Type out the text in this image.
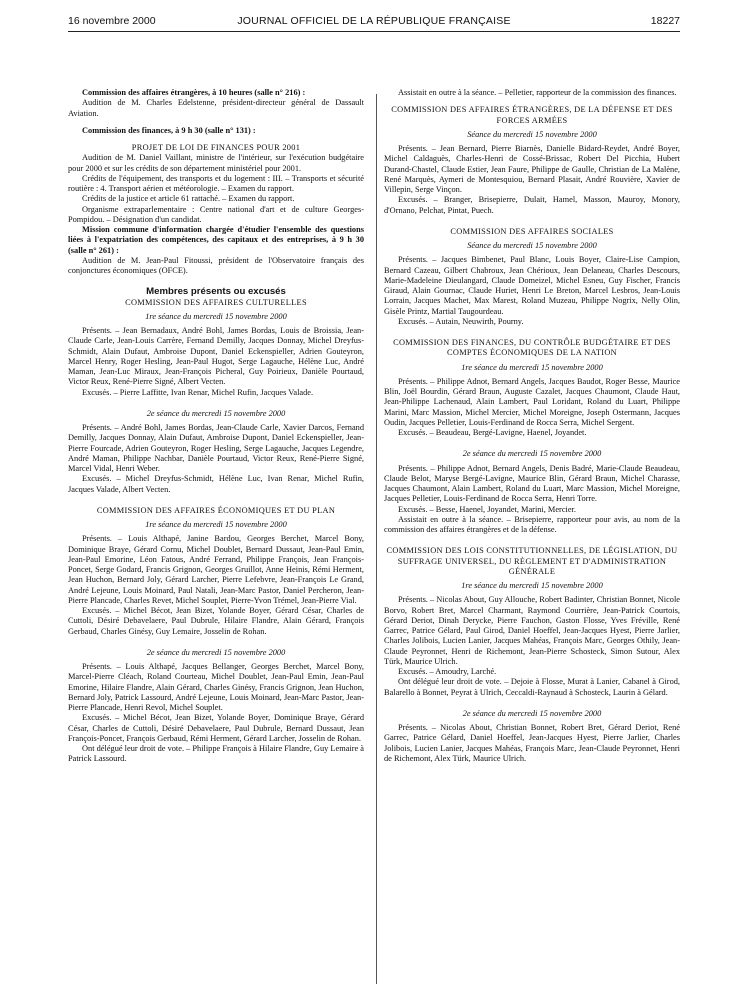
16 novembre 2000	JOURNAL OFFICIEL DE LA RÉPUBLIQUE FRANÇAISE	18227

Commission des affaires étrangères, à 10 heures (salle n° 216) :

Audition de M. Charles Edelstenne, président-directeur général de Dassault Aviation.

Commission des finances, à 9 h 30 (salle n° 131) :

PROJET DE LOI DE FINANCES POUR 2001

Audition de M. Daniel Vaillant, ministre de l'intérieur, sur l'exécution budgétaire pour 2000 et sur les crédits de son département ministériel pour 2001.

Crédits de l'équipement, des transports et du logement : III. – Transports et sécurité routière : 4. Transport aérien et météorologie. – Examen du rapport.

Crédits de la justice et article 61 rattaché. – Examen du rapport.

Organisme extraparlementaire : Centre national d'art et de culture Georges-Pompidou. – Désignation d'un candidat.

Mission commune d'information chargée d'étudier l'ensemble des questions liées à l'expatriation des compétences, des capitaux et des entreprises, à 9 h 30 (salle n° 261) :

Audition de M. Jean-Paul Fitoussi, président de l'Observatoire français des conjonctures économiques (OFCE).

Membres présents ou excusés

COMMISSION DES AFFAIRES CULTURELLES

1re séance du mercredi 15 novembre 2000

Présents. – Jean Bernadaux, André Bohl, James Bordas, Louis de Broissia, Jean-Claude Carle, Jean-Louis Carrère, Fernand Demilly, Jacques Donnay, Michel Dreyfus-Schmidt, Alain Dufaut, Ambroise Dupont, Daniel Eckenspieller, Adrien Gouteyron, Marcel Henry, Roger Hesling, Jean-Paul Hugot, Serge Lagauche, Hélène Luc, André Maman, Jean-Luc Miraux, Jean-François Picheral, Guy Poirieux, Danièle Pourtaud, Victor Reux, René-Pierre Signé, Albert Vecten.

Excusés. – Pierre Laffitte, Ivan Renar, Michel Rufin, Jacques Valade.

2e séance du mercredi 15 novembre 2000

Présents. – André Bohl, James Bordas, Jean-Claude Carle, Xavier Darcos, Fernand Demilly, Jacques Donnay, Alain Dufaut, Ambroise Dupont, Daniel Eckenspieller, Jean-Pierre Fourcade, Adrien Gouteyron, Roger Hesling, Serge Lagauche, Jacques Legendre, André Maman, Philippe Nachbar, Danièle Pourtaud, Victor Reux, René-Pierre Signé, Marcel Vidal, Henri Weber.

Excusés. – Michel Dreyfus-Schmidt, Hélène Luc, Ivan Renar, Michel Rufin, Jacques Valade, Albert Vecten.

COMMISSION DES AFFAIRES ÉCONOMIQUES ET DU PLAN

1re séance du mercredi 15 novembre 2000

Présents. – Louis Althapé, Janine Bardou, Georges Berchet, Marcel Bony, Dominique Braye, Gérard Cornu, Michel Doublet, Bernard Dussaut, Jean-Paul Emin, Jean-Paul Emorine, Léon Fatous, André Ferrand, Philippe François, Jean François-Poncet, Serge Godard, Francis Grignon, Georges Gruillot, Anne Heinis, Rémi Herment, Jean Huchon, Bernard Joly, Gérard Larcher, Pierre Lefebvre, Jean-François Le Grand, André Lejeune, Louis Moinard, Paul Natali, Jean-Marc Pastor, Daniel Percheron, Jean-Pierre Plancade, Charles Revet, Michel Souplet, Pierre-Yvon Trémel, Jean-Pierre Vial.

Excusés. – Michel Bécot, Jean Bizet, Yolande Boyer, Gérard César, Charles de Cuttoli, Désiré Debavelaere, Paul Dubrule, Hilaire Flandre, Alain Gérard, François Gerbaud, Charles Ginésy, Guy Lemaire, Josselin de Rohan.

2e séance du mercredi 15 novembre 2000

Présents. – Louis Althapé, Jacques Bellanger, Georges Berchet, Marcel Bony, Marcel-Pierre Cléach, Roland Courteau, Michel Doublet, Jean-Paul Emin, Jean-Paul Emorine, Hilaire Flandre, Alain Gérard, Charles Ginésy, Francis Grignon, Jean Huchon, Bernard Joly, Patrick Lassourd, André Lejeune, Louis Moinard, Jean-Marc Pastor, Jean-Pierre Plancade, Henri Revol, Michel Souplet.

Excusés. – Michel Bécot, Jean Bizet, Yolande Boyer, Dominique Braye, Gérard César, Charles de Cuttoli, Désiré Debavelaere, Paul Dubrule, Bernard Dussaut, Jean François-Poncet, François Gerbaud, Rémi Herment, Gérard Larcher, Josselin de Rohan.

Ont délégué leur droit de vote. – Philippe François à Hilaire Flandre, Guy Lemaire à Patrick Lassourd.

Assistait en outre à la séance. – Pelletier, rapporteur de la commission des finances.

COMMISSION DES AFFAIRES ÉTRANGÈRES, DE LA DÉFENSE ET DES FORCES ARMÉES

Séance du mercredi 15 novembre 2000

Présents. – Jean Bernard, Pierre Biarnès, Danielle Bidard-Reydet, André Boyer, Michel Caldaguès, Charles-Henri de Cossé-Brissac, Robert Del Picchia, Hubert Durand-Chastel, Claude Estier, Jean Faure, Philippe de Gaulle, Christian de La Malène, René Marquès, Aymeri de Montesquiou, Bernard Plasait, André Rouvière, Xavier de Villepin, Serge Vinçon.

Excusés. – Branger, Brisepierre, Dulait, Hamel, Masson, Mauroy, Monory, d'Ornano, Pelchat, Pintat, Puech.

COMMISSION DES AFFAIRES SOCIALES

Séance du mercredi 15 novembre 2000

Présents. – Jacques Bimbenet, Paul Blanc, Louis Boyer, Claire-Lise Campion, Bernard Cazeau, Gilbert Chabroux, Jean Chérioux, Jean Delaneau, Charles Descours, Marie-Madeleine Dieulangard, Claude Domeizel, Michel Esneu, Guy Fischer, Francis Giraud, Alain Gournac, Claude Huriet, Henri Le Breton, Marcel Lesbros, Jean-Louis Lorrain, Jacques Machet, Max Marest, Roland Muzeau, Philippe Nogrix, Nelly Olin, Gisèle Printz, Martial Taugourdeau.

Excusés. – Autain, Neuwirth, Pourny.

COMMISSION DES FINANCES, DU CONTRÔLE BUDGÉTAIRE ET DES COMPTES ÉCONOMIQUES DE LA NATION

1re séance du mercredi 15 novembre 2000

Présents. – Philippe Adnot, Bernard Angels, Jacques Baudot, Roger Besse, Maurice Blin, Joël Bourdin, Gérard Braun, Auguste Cazalet, Jacques Chaumont, Claude Haut, Jean-Philippe Lachenaud, Alain Lambert, Paul Loridant, Roland du Luart, Philippe Marini, Marc Massion, Michel Mercier, Michel Moreigne, Joseph Ostermann, Jacques Oudin, Jacques Pelletier, Louis-Ferdinand de Rocca Serra, Michel Sergent.

Excusés. – Beaudeau, Bergé-Lavigne, Haenel, Joyandet.

2e séance du mercredi 15 novembre 2000

Présents. – Philippe Adnot, Bernard Angels, Denis Badré, Marie-Claude Beaudeau, Claude Belot, Maryse Bergé-Lavigne, Maurice Blin, Gérard Braun, Michel Charasse, Jacques Chaumont, Alain Lambert, Roland du Luart, Marc Massion, Michel Moreigne, Jacques Pelletier, Louis-Ferdinand de Rocca Serra, Henri Torre.

Excusés. – Besse, Haenel, Joyandet, Marini, Mercier.

Assistait en outre à la séance. – Brisepierre, rapporteur pour avis, au nom de la commission des affaires étrangères et de la défense.

COMMISSION DES LOIS CONSTITUTIONNELLES, DE LÉGISLATION, DU SUFFRAGE UNIVERSEL, DU RÈGLEMENT ET D'ADMINISTRATION GÉNÉRALE

1re séance du mercredi 15 novembre 2000

Présents. – Nicolas About, Guy Allouche, Robert Badinter, Christian Bonnet, Nicole Borvo, Robert Bret, Marcel Charmant, Raymond Courrière, Jean-Patrick Courtois, Gérard Deriot, Dinah Derycke, Pierre Fauchon, Gaston Flosse, Yves Fréville, René Garrec, Patrice Gélard, Paul Girod, Daniel Hoeffel, Jean-Jacques Hyest, Pierre Jarlier, Charles Jolibois, Lucien Lanier, Jacques Mahéas, François Marc, Georges Othily, Jean-Claude Peyronnet, Henri de Richemont, Jean-Pierre Schosteck, Simon Sutour, Alex Türk, Maurice Ulrich.

Excusés. – Amoudry, Larché.

Ont délégué leur droit de vote. – Dejoie à Flosse, Murat à Lanier, Cabanel à Girod, Balarello à Bonnet, Peyrat à Ulrich, Ceccaldi-Raynaud à Schosteck, Laurin à Gélard.

2e séance du mercredi 15 novembre 2000

Présents. – Nicolas About, Christian Bonnet, Robert Bret, Gérard Deriot, René Garrec, Patrice Gélard, Daniel Hoeffel, Jean-Jacques Hyest, Pierre Jarlier, Charles Jolibois, Lucien Lanier, Jacques Mahéas, François Marc, Jean-Claude Peyronnet, Henri de Richemont, Alex Türk, Maurice Ulrich.
